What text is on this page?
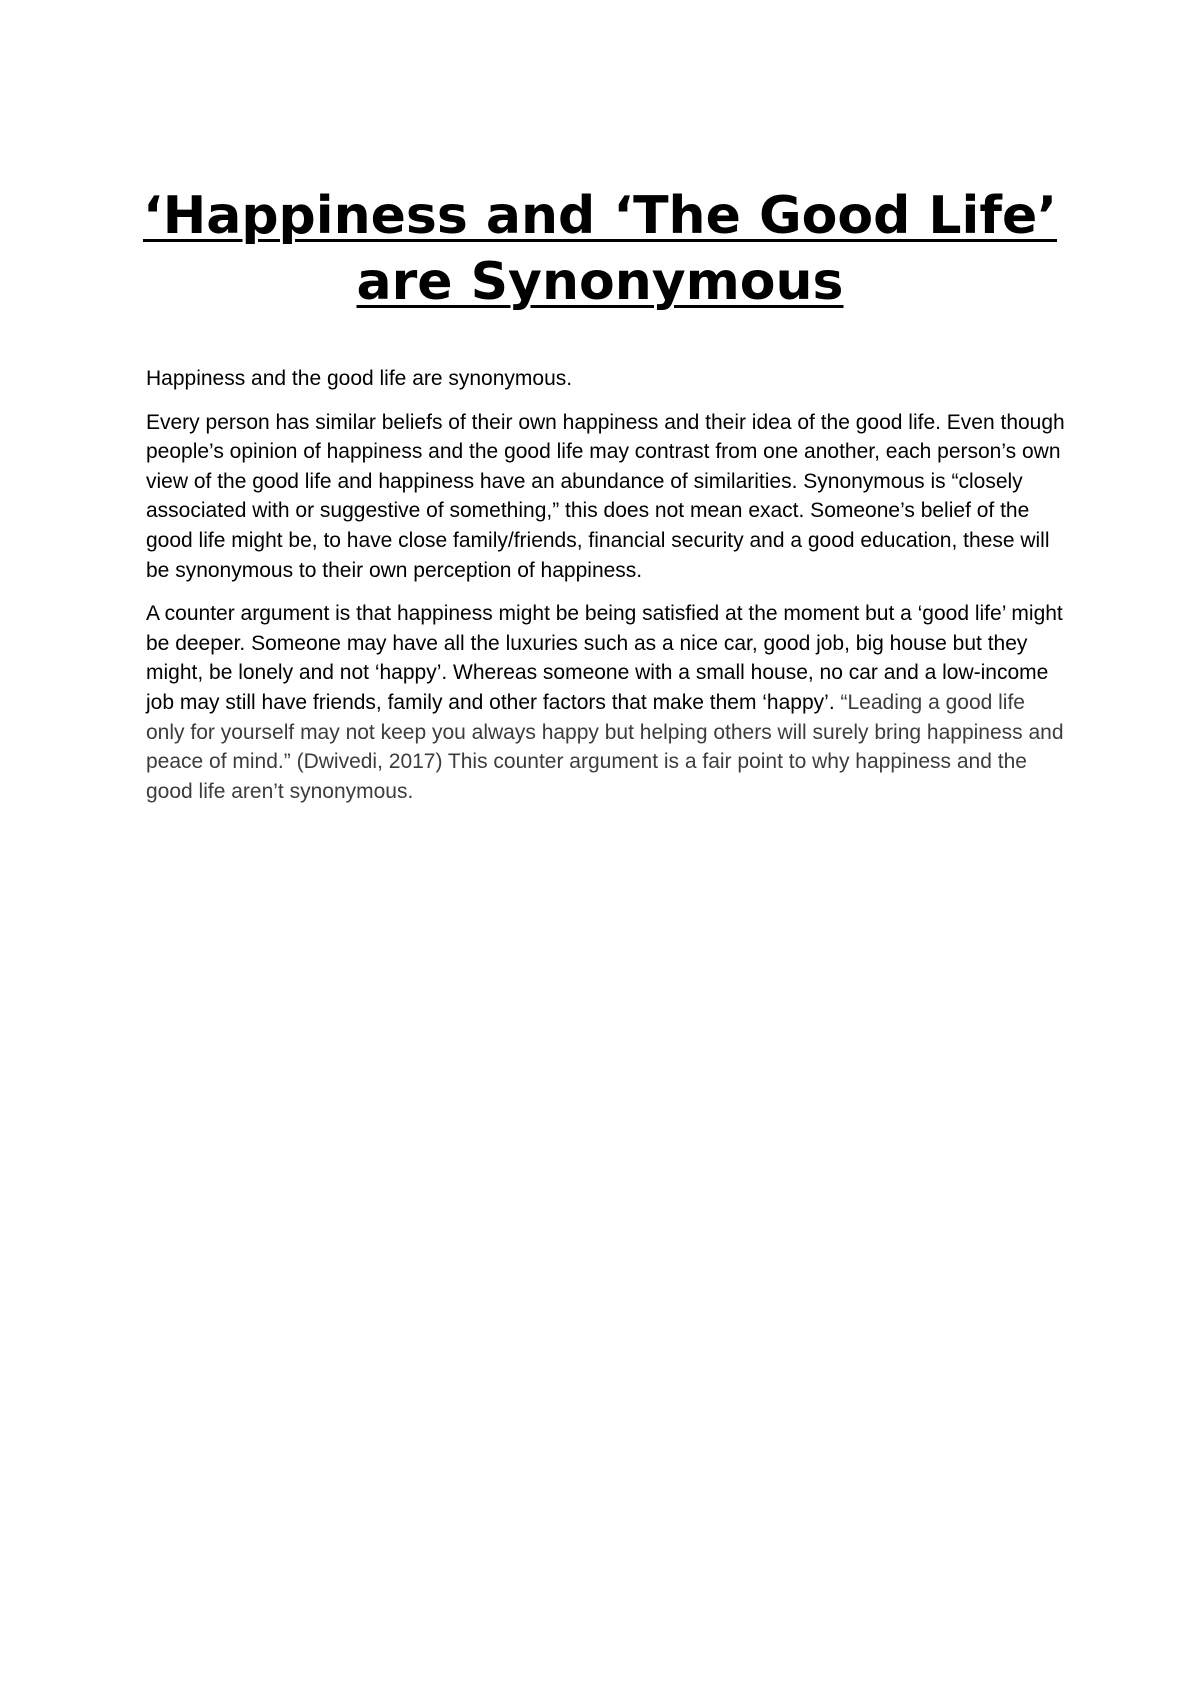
‘Happiness and ‘The Good Life’ are Synonymous

Happiness and the good life are synonymous.

Every person has similar beliefs of their own happiness and their idea of the good life. Even though people’s opinion of happiness and the good life may contrast from one another, each person’s own view of the good life and happiness have an abundance of similarities. Synonymous is “closely associated with or suggestive of something,” this does not mean exact. Someone’s belief of the good life might be, to have close family/friends, financial security and a good education, these will be synonymous to their own perception of happiness.

A counter argument is that happiness might be being satisfied at the moment but a ‘good life’ might be deeper. Someone may have all the luxuries such as a nice car, good job, big house but they might, be lonely and not ‘happy’. Whereas someone with a small house, no car and a low-income job may still have friends, family and other factors that make them ‘happy’. “Leading a good life only for yourself may not keep you always happy but helping others will surely bring happiness and peace of mind.” (Dwivedi, 2017) This counter argument is a fair point to why happiness and the good life aren’t synonymous.
